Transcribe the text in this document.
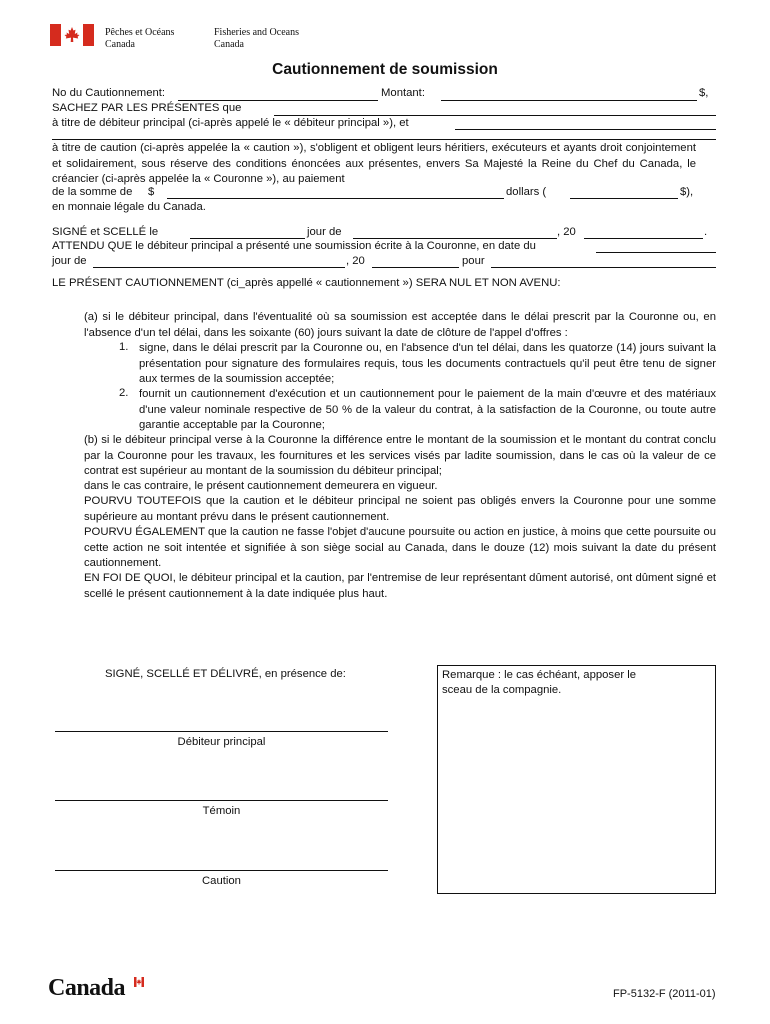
Pêches et Océans
Canada
Fisheries and Oceans
Canada
Cautionnement de soumission
No du Cautionnement:	Montant:	$,
SACHEZ PAR LES PRÉSENTES que
à titre de débiteur principal (ci-après appelé le « débiteur principal »), et
à titre de caution (ci-après appelée la « caution »), s'obligent et obligent leurs héritiers, exécuteurs et ayants droit conjointement et solidairement, sous réserve des conditions énoncées aux présentes, envers Sa Majesté la Reine du Chef du Canada, le créancier (ci-après appelée la « Couronne »), au paiement
de la somme de $	dollars (	$),
en monnaie légale du Canada.
SIGNÉ et SCELLÉ le	jour de	, 20	.
ATTENDU QUE le débiteur principal a présenté une soumission écrite à la Couronne, en date du
jour de	, 20	pour
LE PRÉSENT CAUTIONNEMENT (ci_après appellé « cautionnement ») SERA NUL ET NON AVENU:
(a) si le débiteur principal, dans l'éventualité où sa soumission est acceptée dans le délai prescrit par la Couronne ou, en l'absence d'un tel délai, dans les soixante (60) jours suivant la date de clôture de l'appel d'offres :
1. signe, dans le délai prescrit par la Couronne ou, en l'absence d'un tel délai, dans les quatorze (14) jours suivant la présentation pour signature des formulaires requis, tous les documents contractuels qu'il peut être tenu de signer aux termes de la soumission acceptée;
2. fournit un cautionnement d'exécution et un cautionnement pour le paiement de la main d'œuvre et des matériaux d'une valeur nominale respective de 50 % de la valeur du contrat, à la satisfaction de la Couronne, ou toute autre garantie acceptable par la Couronne;
(b) si le débiteur principal verse à la Couronne la différence entre le montant de la soumission et le montant du contrat conclu par la Couronne pour les travaux, les fournitures et les services visés par ladite soumission, dans le cas où la valeur de ce contrat est supérieur au montant de la soumission du débiteur principal;
dans le cas contraire, le présent cautionnement demeurera en vigueur.
POURVU TOUTEFOIS que la caution et le débiteur principal ne soient pas obligés envers la Couronne pour une somme supérieure au montant prévu dans le présent cautionnement.
POURVU ÉGALEMENT que la caution ne fasse l'objet d'aucune poursuite ou action en justice, à moins que cette poursuite ou cette action ne soit intentée et signifiée à son siège social au Canada, dans le douze (12) mois suivant la date du présent cautionnement.
EN FOI DE QUOI, le débiteur principal et la caution, par l'entremise de leur représentant dûment autorisé, ont dûment signé et scellé le présent cautionnement à la date indiquée plus haut.
SIGNÉ, SCELLÉ ET DÉLIVRÉ, en présence de:
Débiteur principal
Témoin
Caution
Remarque : le cas échéant, apposer le sceau de la compagnie.
Canada	FP-5132-F (2011-01)
